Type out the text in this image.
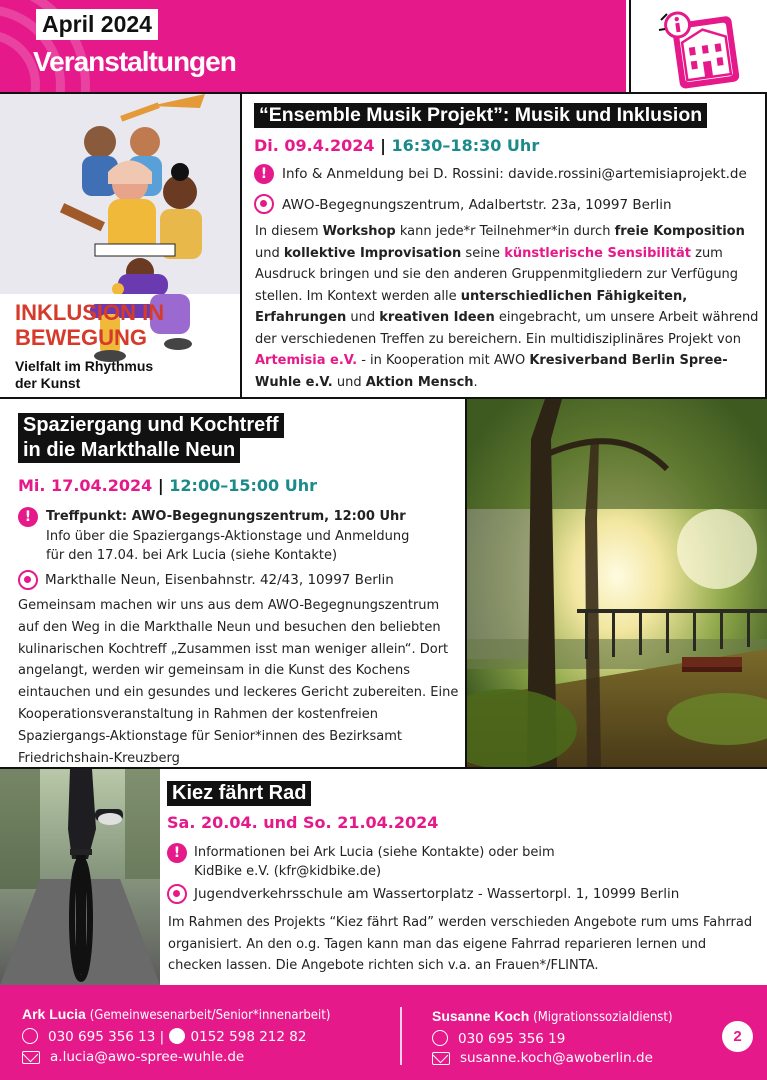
April 2024
Veranstaltungen
INKLUSION IN
BEWEGUNG
Vielfalt im Rhythmus
der Kunst
“Ensemble Musik Projekt”: Musik und Inklusion
Di. 09.4.2024 | 16:30–18:30 Uhr
!	Info & Anmeldung bei D. Rossini: davide.rossini@artemisiaprojekt.de
AWO-Begegnungszentrum, Adalbertstr. 23a, 10997 Berlin
In diesem Workshop kann jede*r Teilnehmer*in durch freie Komposition und kollektive Improvisation seine künstlerische Sensibilität zum Ausdruck bringen und sie den anderen Gruppenmitgliedern zur Verfügung stellen. Im Kontext werden alle unterschiedlichen Fähigkeiten, Erfahrungen und kreativen Ideen eingebracht, um unsere Arbeit während der verschiedenen Treffen zu bereichern. Ein multidisziplinäres Projekt von Artemisia e.V. - in Kooperation mit AWO Kresiverband Berlin Spree-Wuhle e.V. und Aktion Mensch.
Spaziergang und Kochtreff
in die Markthalle Neun
Mi. 17.04.2024 | 12:00–15:00 Uhr
!	Treffpunkt: AWO-Begegnungszentrum, 12:00 Uhr
Info über die Spaziergangs-Aktionstage und Anmeldung
für den 17.04. bei Ark Lucia (siehe Kontakte)
Markthalle Neun, Eisenbahnstr. 42/43, 10997 Berlin
Gemeinsam machen wir uns aus dem AWO-Begegnungszentrum auf den Weg in die Markthalle Neun und besuchen den beliebten kulinarischen Kochtreff „Zusammen isst man weniger allein“. Dort angelangt, werden wir gemeinsam in die Kunst des Kochens eintauchen und ein gesundes und leckeres Gericht zubereiten. Eine Kooperationsveranstaltung in Rahmen der kostenfreien Spaziergangs-Aktionstage für Senior*innen des Bezirksamt Friedrichshain-Kreuzberg
Kiez fährt Rad
Sa. 20.04. und So. 21.04.2024
!	Informationen bei Ark Lucia (siehe Kontakte) oder beim
KidBike e.V. (kfr@kidbike.de)
Jugendverkehrsschule am Wassertorplatz - Wassertorpl. 1, 10999 Berlin
Im Rahmen des Projekts “Kiez fährt Rad” werden verschieden Angebote rum ums Fahrrad organisiert. An den o.g. Tagen kann man das eigene Fahrrad reparieren lernen und checken lassen. Die Angebote richten sich v.a. an Frauen*/FLINTA.
Ark Lucia (Gemeinwesenarbeit/Senior*innenarbeit)
030 695 356 13 | 0152 598 212 82
a.lucia@awo-spree-wuhle.de
Susanne Koch (Migrationssozialdienst)
030 695 356 19
susanne.koch@awoberlin.de
2
